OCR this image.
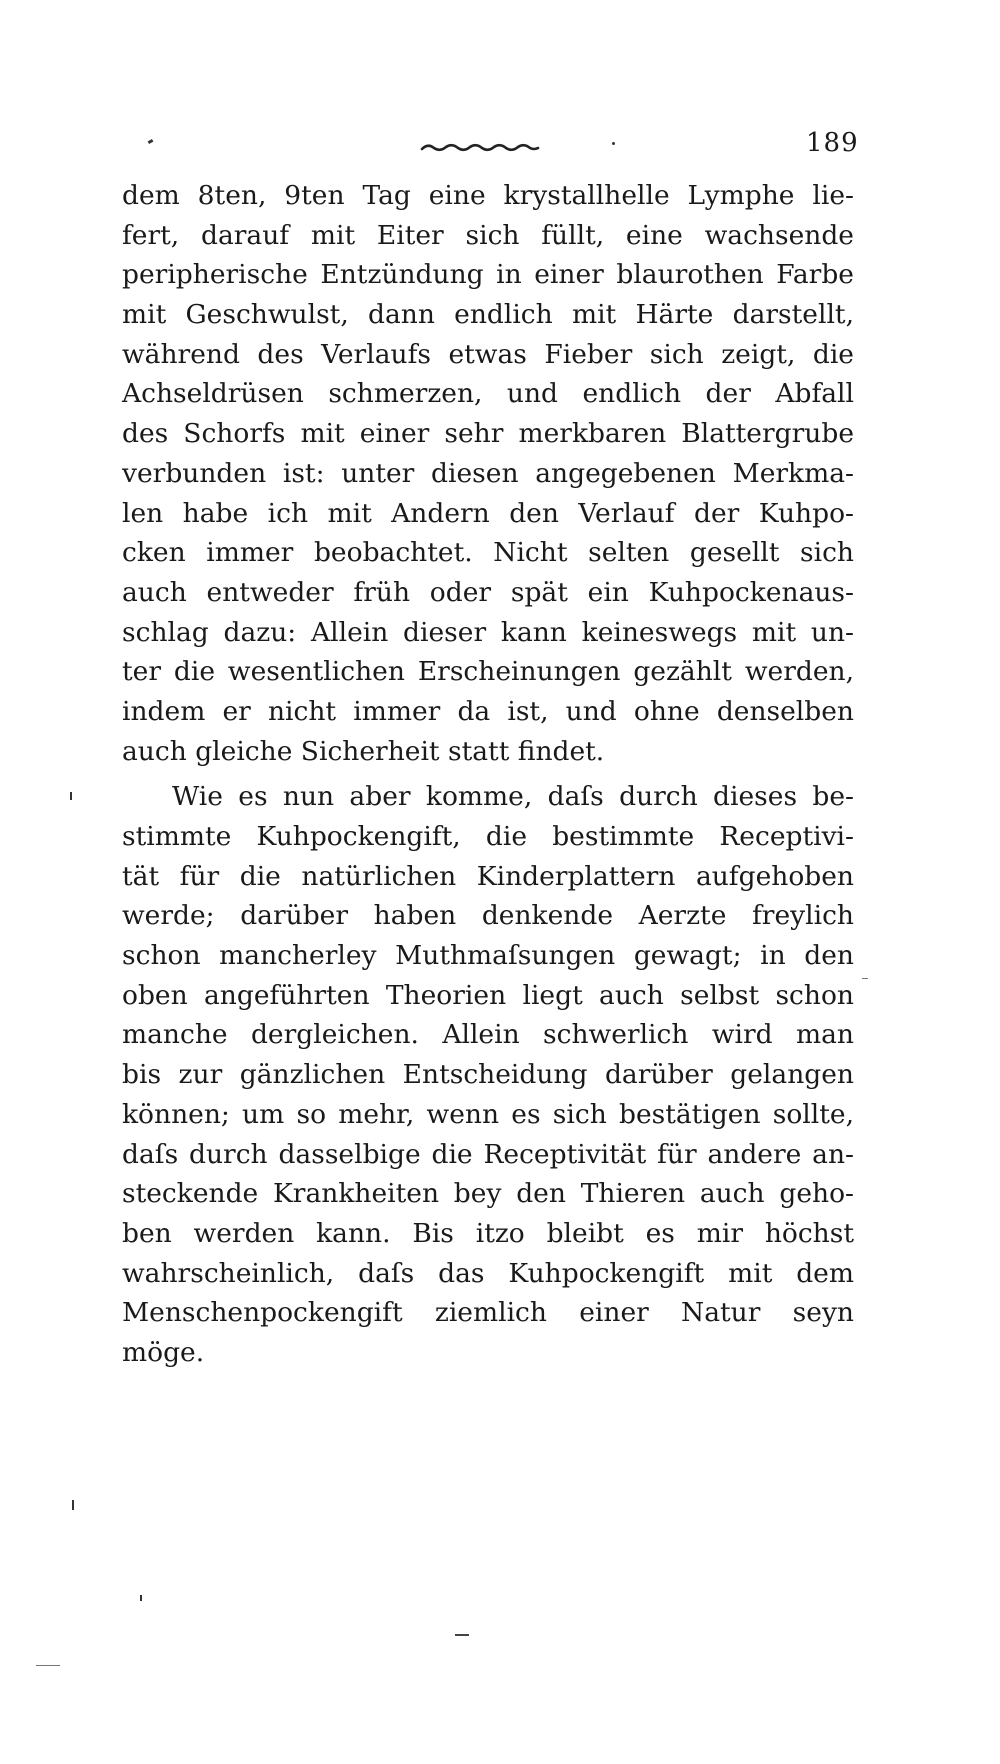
189
dem 8ten, 9ten Tag eine krystallhelle Lymphe lie-
fert, darauf mit Eiter sich füllt, eine wachsende
peripherische Entzündung in einer blaurothen Farbe
mit Geschwulst, dann endlich mit Härte darstellt,
während des Verlaufs etwas Fieber sich zeigt, die
Achseldrüsen schmerzen, und endlich der Abfall
des Schorfs mit einer sehr merkbaren Blattergrube
verbunden ist: unter diesen angegebenen Merkma-
len habe ich mit Andern den Verlauf der Kuhpo-
cken immer beobachtet. Nicht selten gesellt sich
auch entweder früh oder spät ein Kuhpockenaus-
schlag dazu: Allein dieser kann keineswegs mit un-
ter die wesentlichen Erscheinungen gezählt werden,
indem er nicht immer da ist, und ohne denselben
auch gleiche Sicherheit statt findet.
Wie es nun aber komme, daſs durch dieses be-
stimmte Kuhpockengift, die bestimmte Receptivi-
tät für die natürlichen Kinderplattern aufgehoben
werde; darüber haben denkende Aerzte freylich
schon mancherley Muthmaſsungen gewagt; in den
oben angeführten Theorien liegt auch selbst schon
manche dergleichen. Allein schwerlich wird man
bis zur gänzlichen Entscheidung darüber gelangen
können; um so mehr, wenn es sich bestätigen sollte,
daſs durch dasselbige die Receptivität für andere an-
steckende Krankheiten bey den Thieren auch geho-
ben werden kann. Bis itzo bleibt es mir höchst
wahrscheinlich, daſs das Kuhpockengift mit dem
Menschenpockengift ziemlich einer Natur seyn
möge.
